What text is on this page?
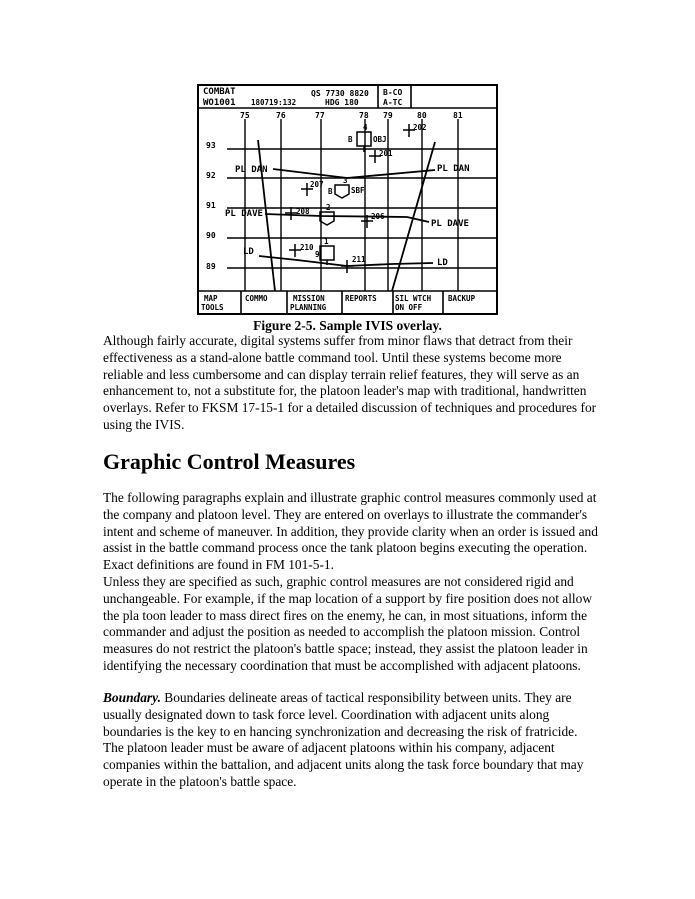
COMBAT
WO1001 180719:132
QS 7730 8820
HDG 180
B-CO
A-TC
75	76	77	78 79	80	81
93
92
91
90
89
PL DAN	PL DAN
PL DAVE
PL DAVE
LD
LD
4
B	OBJ
3
B SBF
2
1
9
202
201
207
206
208
210
211
MAP
TOOLS
COMMO	MISSION
PLANNING
REPORTS SIL WTCH
ON OFF
BACKUP
Figure 2-5. Sample IVIS overlay.

Although fairly accurate, digital systems suffer from minor flaws that detract from their effectiveness as a stand-alone battle command tool. Until these systems become more reliable and less cumbersome and can display terrain relief features, they will serve as an enhancement to, not a substitute for, the platoon leader's map with traditional, handwritten overlays. Refer to FKSM 17-15-1 for a detailed discussion of techniques and procedures for using the IVIS.

Graphic Control Measures

The following paragraphs explain and illustrate graphic control measures commonly used at the company and platoon level. They are entered on overlays to illustrate the commander's intent and scheme of maneuver. In addition, they provide clarity when an order is issued and assist in the battle command process once the tank platoon begins executing the operation. Exact definitions are found in FM 101-5-1.

Unless they are specified as such, graphic control measures are not considered rigid and unchangeable. For example, if the map location of a support by fire position does not allow the pla toon leader to mass direct fires on the enemy, he can, in most situations, inform the commander and adjust the position as needed to accomplish the platoon mission. Control measures do not restrict the platoon's battle space; instead, they assist the platoon leader in identifying the necessary coordination that must be accomplished with adjacent platoons.

Boundary. Boundaries delineate areas of tactical responsibility between units. They are usually designated down to task force level. Coordination with adjacent units along boundaries is the key to en hancing synchronization and decreasing the risk of fratricide. The platoon leader must be aware of adjacent platoons within his company, adjacent companies within the battalion, and adjacent units along the task force boundary that may operate in the platoon's battle space.
